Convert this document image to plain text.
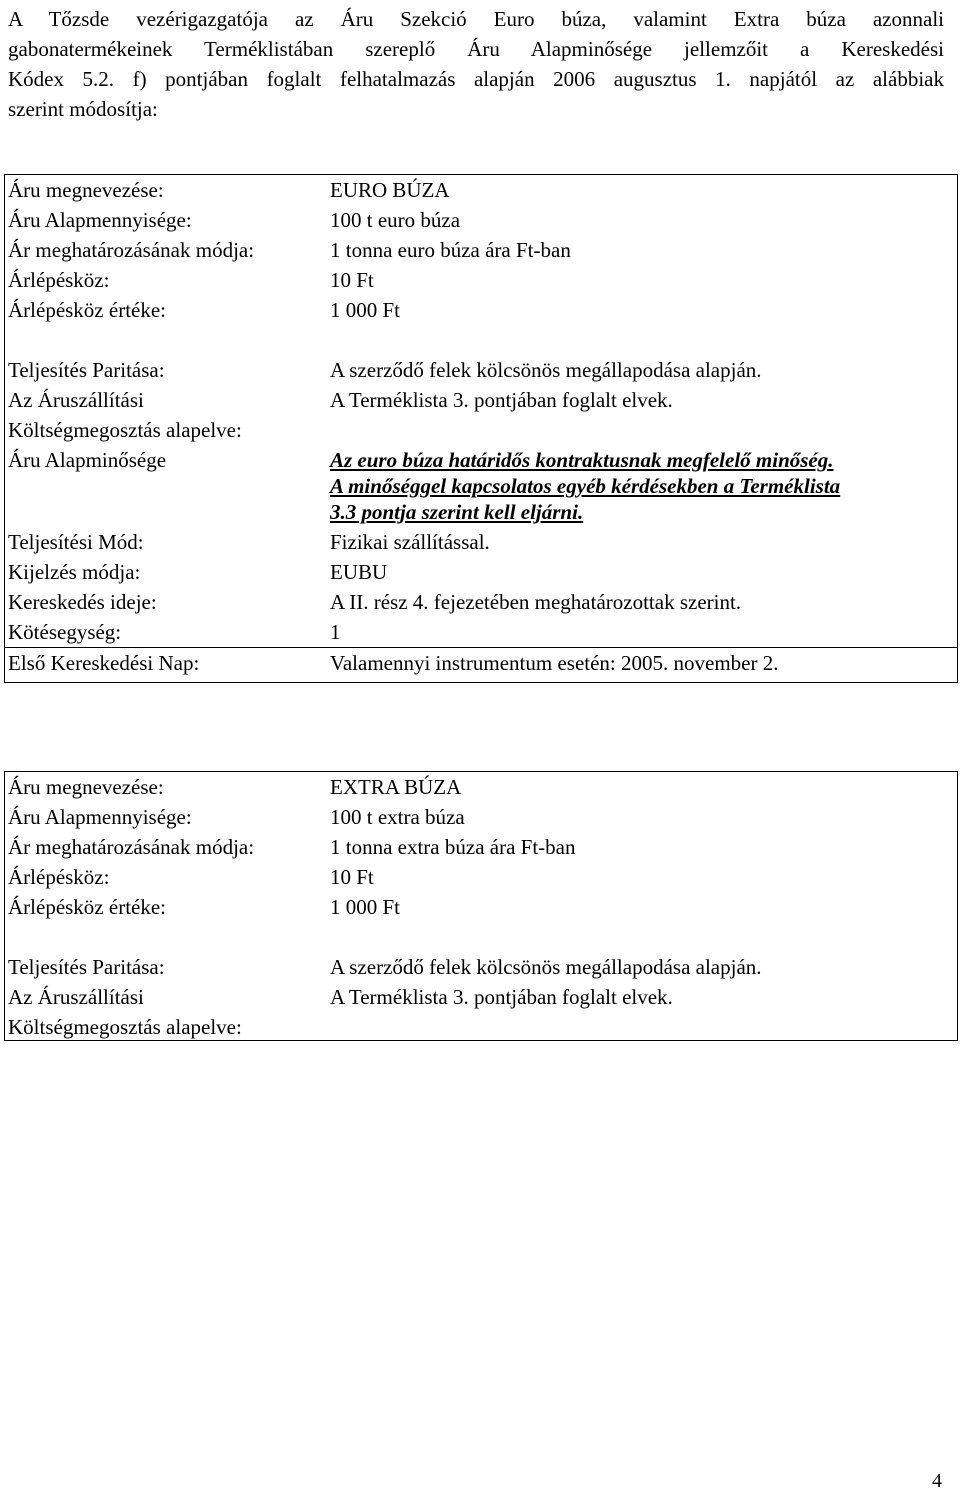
A Tőzsde vezérigazgatója az Áru Szekció Euro búza, valamint Extra búza azonnali
gabonatermékeinek Terméklistában szereplő Áru Alapminősége jellemzőit a Kereskedési
Kódex 5.2. f) pontjában foglalt felhatalmazás alapján 2006 augusztus 1. napjától az alábbiak
szerint módosítja:
Áru megnevezése:	EURO BÚZA
Áru Alapmennyisége:	100 t euro búza
Ár meghatározásának módja:	1 tonna euro búza ára Ft-ban
Árlépésköz:	10 Ft
Árlépésköz értéke:	1 000 Ft
Teljesítés Paritása:	A szerződő felek kölcsönös megállapodása alapján.
Az Áruszállítási	A Terméklista 3. pontjában foglalt elvek.
Költségmegosztás alapelve:
Áru Alapminősége	Az euro búza határidős kontraktusnak megfelelő minőség.
A minőséggel kapcsolatos egyéb kérdésekben a Terméklista
3.3 pontja szerint kell eljárni.
Teljesítési Mód:	Fizikai szállítással.
Kijelzés módja:	EUBU
Kereskedés ideje:	A II. rész 4. fejezetében meghatározottak szerint.
Kötésegység:	1
Első Kereskedési Nap:	Valamennyi instrumentum esetén: 2005. november 2.
Áru megnevezése:	EXTRA BÚZA
Áru Alapmennyisége:	100 t extra búza
Ár meghatározásának módja:	1 tonna extra búza ára Ft-ban
Árlépésköz:	10 Ft
Árlépésköz értéke:	1 000 Ft
Teljesítés Paritása:	A szerződő felek kölcsönös megállapodása alapján.
Az Áruszállítási	A Terméklista 3. pontjában foglalt elvek.
Költségmegosztás alapelve:
4
